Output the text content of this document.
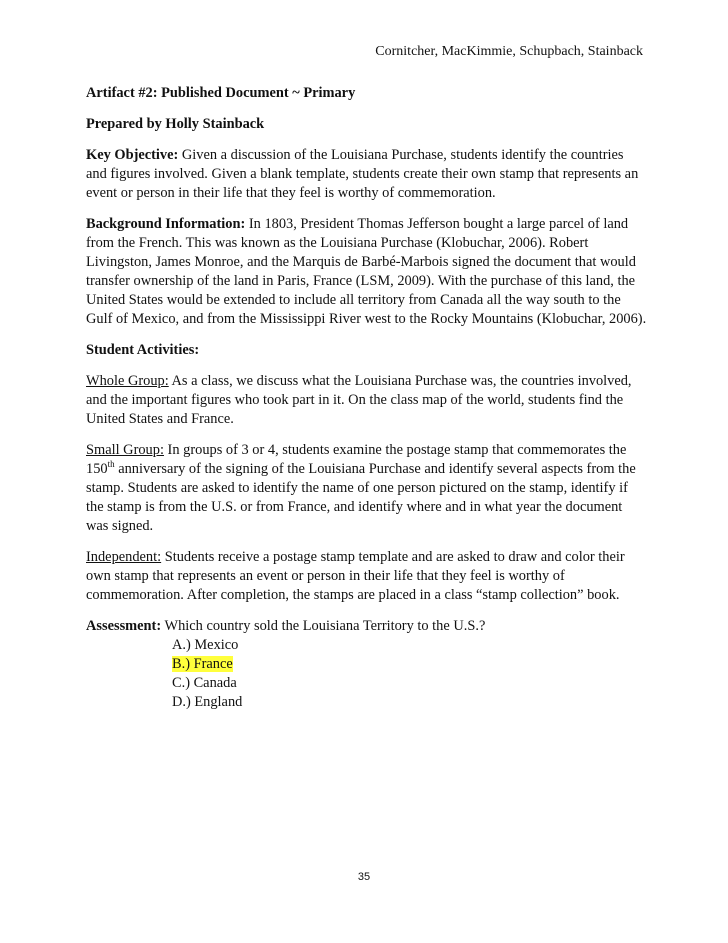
Cornitcher, MacKimmie, Schupbach, Stainback

Artifact #2: Published Document ~ Primary

Prepared by Holly Stainback

Key Objective: Given a discussion of the Louisiana Purchase, students identify the countries
and figures involved. Given a blank template, students create their own stamp that represents an
event or person in their life that they feel is worthy of commemoration.
Background Information: In 1803, President Thomas Jefferson bought a large parcel of land
from the French. This was known as the Louisiana Purchase (Klobuchar, 2006). Robert
Livingston, James Monroe, and the Marquis de Barbé-Marbois signed the document that would
transfer ownership of the land in Paris, France (LSM, 2009). With the purchase of this land, the
United States would be extended to include all territory from Canada all the way south to the
Gulf of Mexico, and from the Mississippi River west to the Rocky Mountains (Klobuchar, 2006).

Student Activities:

Whole Group: As a class, we discuss what the Louisiana Purchase was, the countries involved,
and the important figures who took part in it. On the class map of the world, students find the
United States and France.
Small Group: In groups of 3 or 4, students examine the postage stamp that commemorates the
150th anniversary of the signing of the Louisiana Purchase and identify several aspects from the
stamp. Students are asked to identify the name of one person pictured on the stamp, identify if
the stamp is from the U.S. or from France, and identify where and in what year the document
was signed.
Independent: Students receive a postage stamp template and are asked to draw and color their
own stamp that represents an event or person in their life that they feel is worthy of
commemoration. After completion, the stamps are placed in a class “stamp collection” book.
Assessment: Which country sold the Louisiana Territory to the U.S.?
A.) Mexico
B.) France
C.) Canada
D.) England
35
